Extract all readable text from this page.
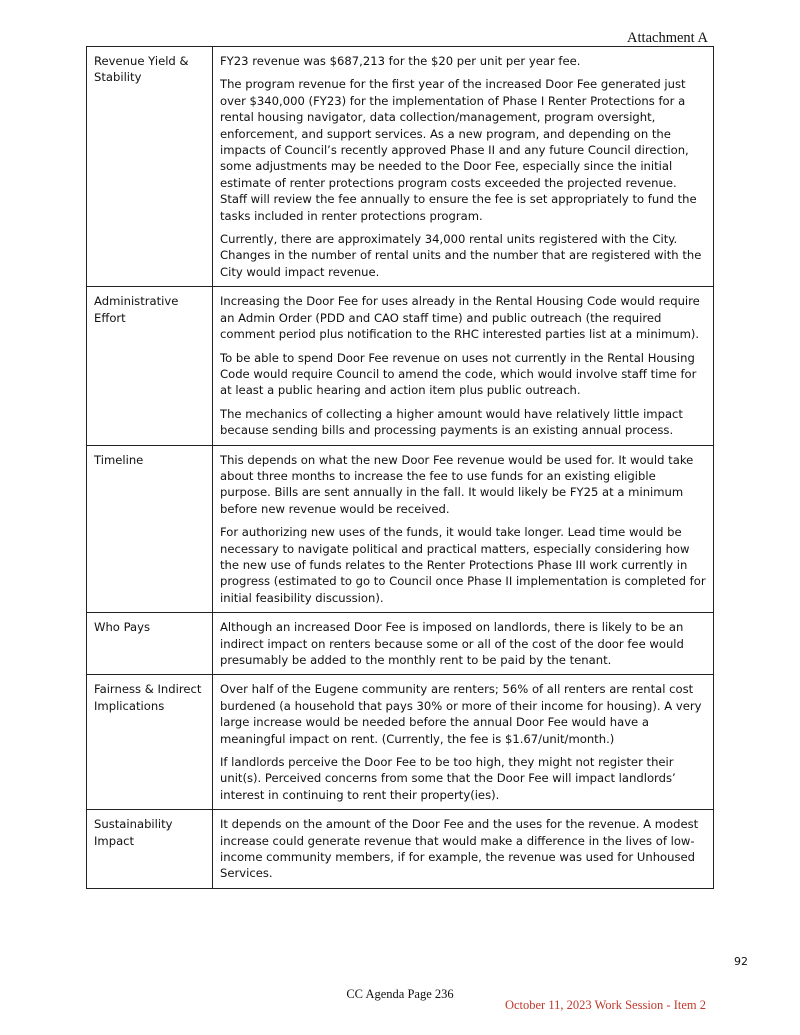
Attachment A
Revenue Yield & Stability	FY23 revenue was $687,213 for the $20 per unit per year fee.

The program revenue for the first year of the increased Door Fee generated just over $340,000 (FY23) for the implementation of Phase I Renter Protections for a rental housing navigator, data collection/management, program oversight, enforcement, and support services. As a new program, and depending on the impacts of Council’s recently approved Phase II and any future Council direction, some adjustments may be needed to the Door Fee, especially since the initial estimate of renter protections program costs exceeded the projected revenue. Staff will review the fee annually to ensure the fee is set appropriately to fund the tasks included in renter protections program.

Currently, there are approximately 34,000 rental units registered with the City. Changes in the number of rental units and the number that are registered with the City would impact revenue.

Administrative Effort	Increasing the Door Fee for uses already in the Rental Housing Code would require an Admin Order (PDD and CAO staff time) and public outreach (the required comment period plus notification to the RHC interested parties list at a minimum).

To be able to spend Door Fee revenue on uses not currently in the Rental Housing Code would require Council to amend the code, which would involve staff time for at least a public hearing and action item plus public outreach.

The mechanics of collecting a higher amount would have relatively little impact because sending bills and processing payments is an existing annual process.

Timeline	This depends on what the new Door Fee revenue would be used for. It would take about three months to increase the fee to use funds for an existing eligible purpose. Bills are sent annually in the fall. It would likely be FY25 at a minimum before new revenue would be received.

For authorizing new uses of the funds, it would take longer. Lead time would be necessary to navigate political and practical matters, especially considering how the new use of funds relates to the Renter Protections Phase III work currently in progress (estimated to go to Council once Phase II implementation is completed for initial feasibility discussion).

Who Pays	Although an increased Door Fee is imposed on landlords, there is likely to be an indirect impact on renters because some or all of the cost of the door fee would presumably be added to the monthly rent to be paid by the tenant.

Fairness & Indirect Implications	Over half of the Eugene community are renters; 56% of all renters are rental cost burdened (a household that pays 30% or more of their income for housing). A very large increase would be needed before the annual Door Fee would have a meaningful impact on rent. (Currently, the fee is $1.67/unit/month.)

If landlords perceive the Door Fee to be too high, they might not register their unit(s). Perceived concerns from some that the Door Fee will impact landlords’ interest in continuing to rent their property(ies).

Sustainability Impact	It depends on the amount of the Door Fee and the uses for the revenue. A modest increase could generate revenue that would make a difference in the lives of low-income community members, if for example, the revenue was used for Unhoused Services.

92
CC Agenda Page 236
October 11, 2023 Work Session - Item 2
